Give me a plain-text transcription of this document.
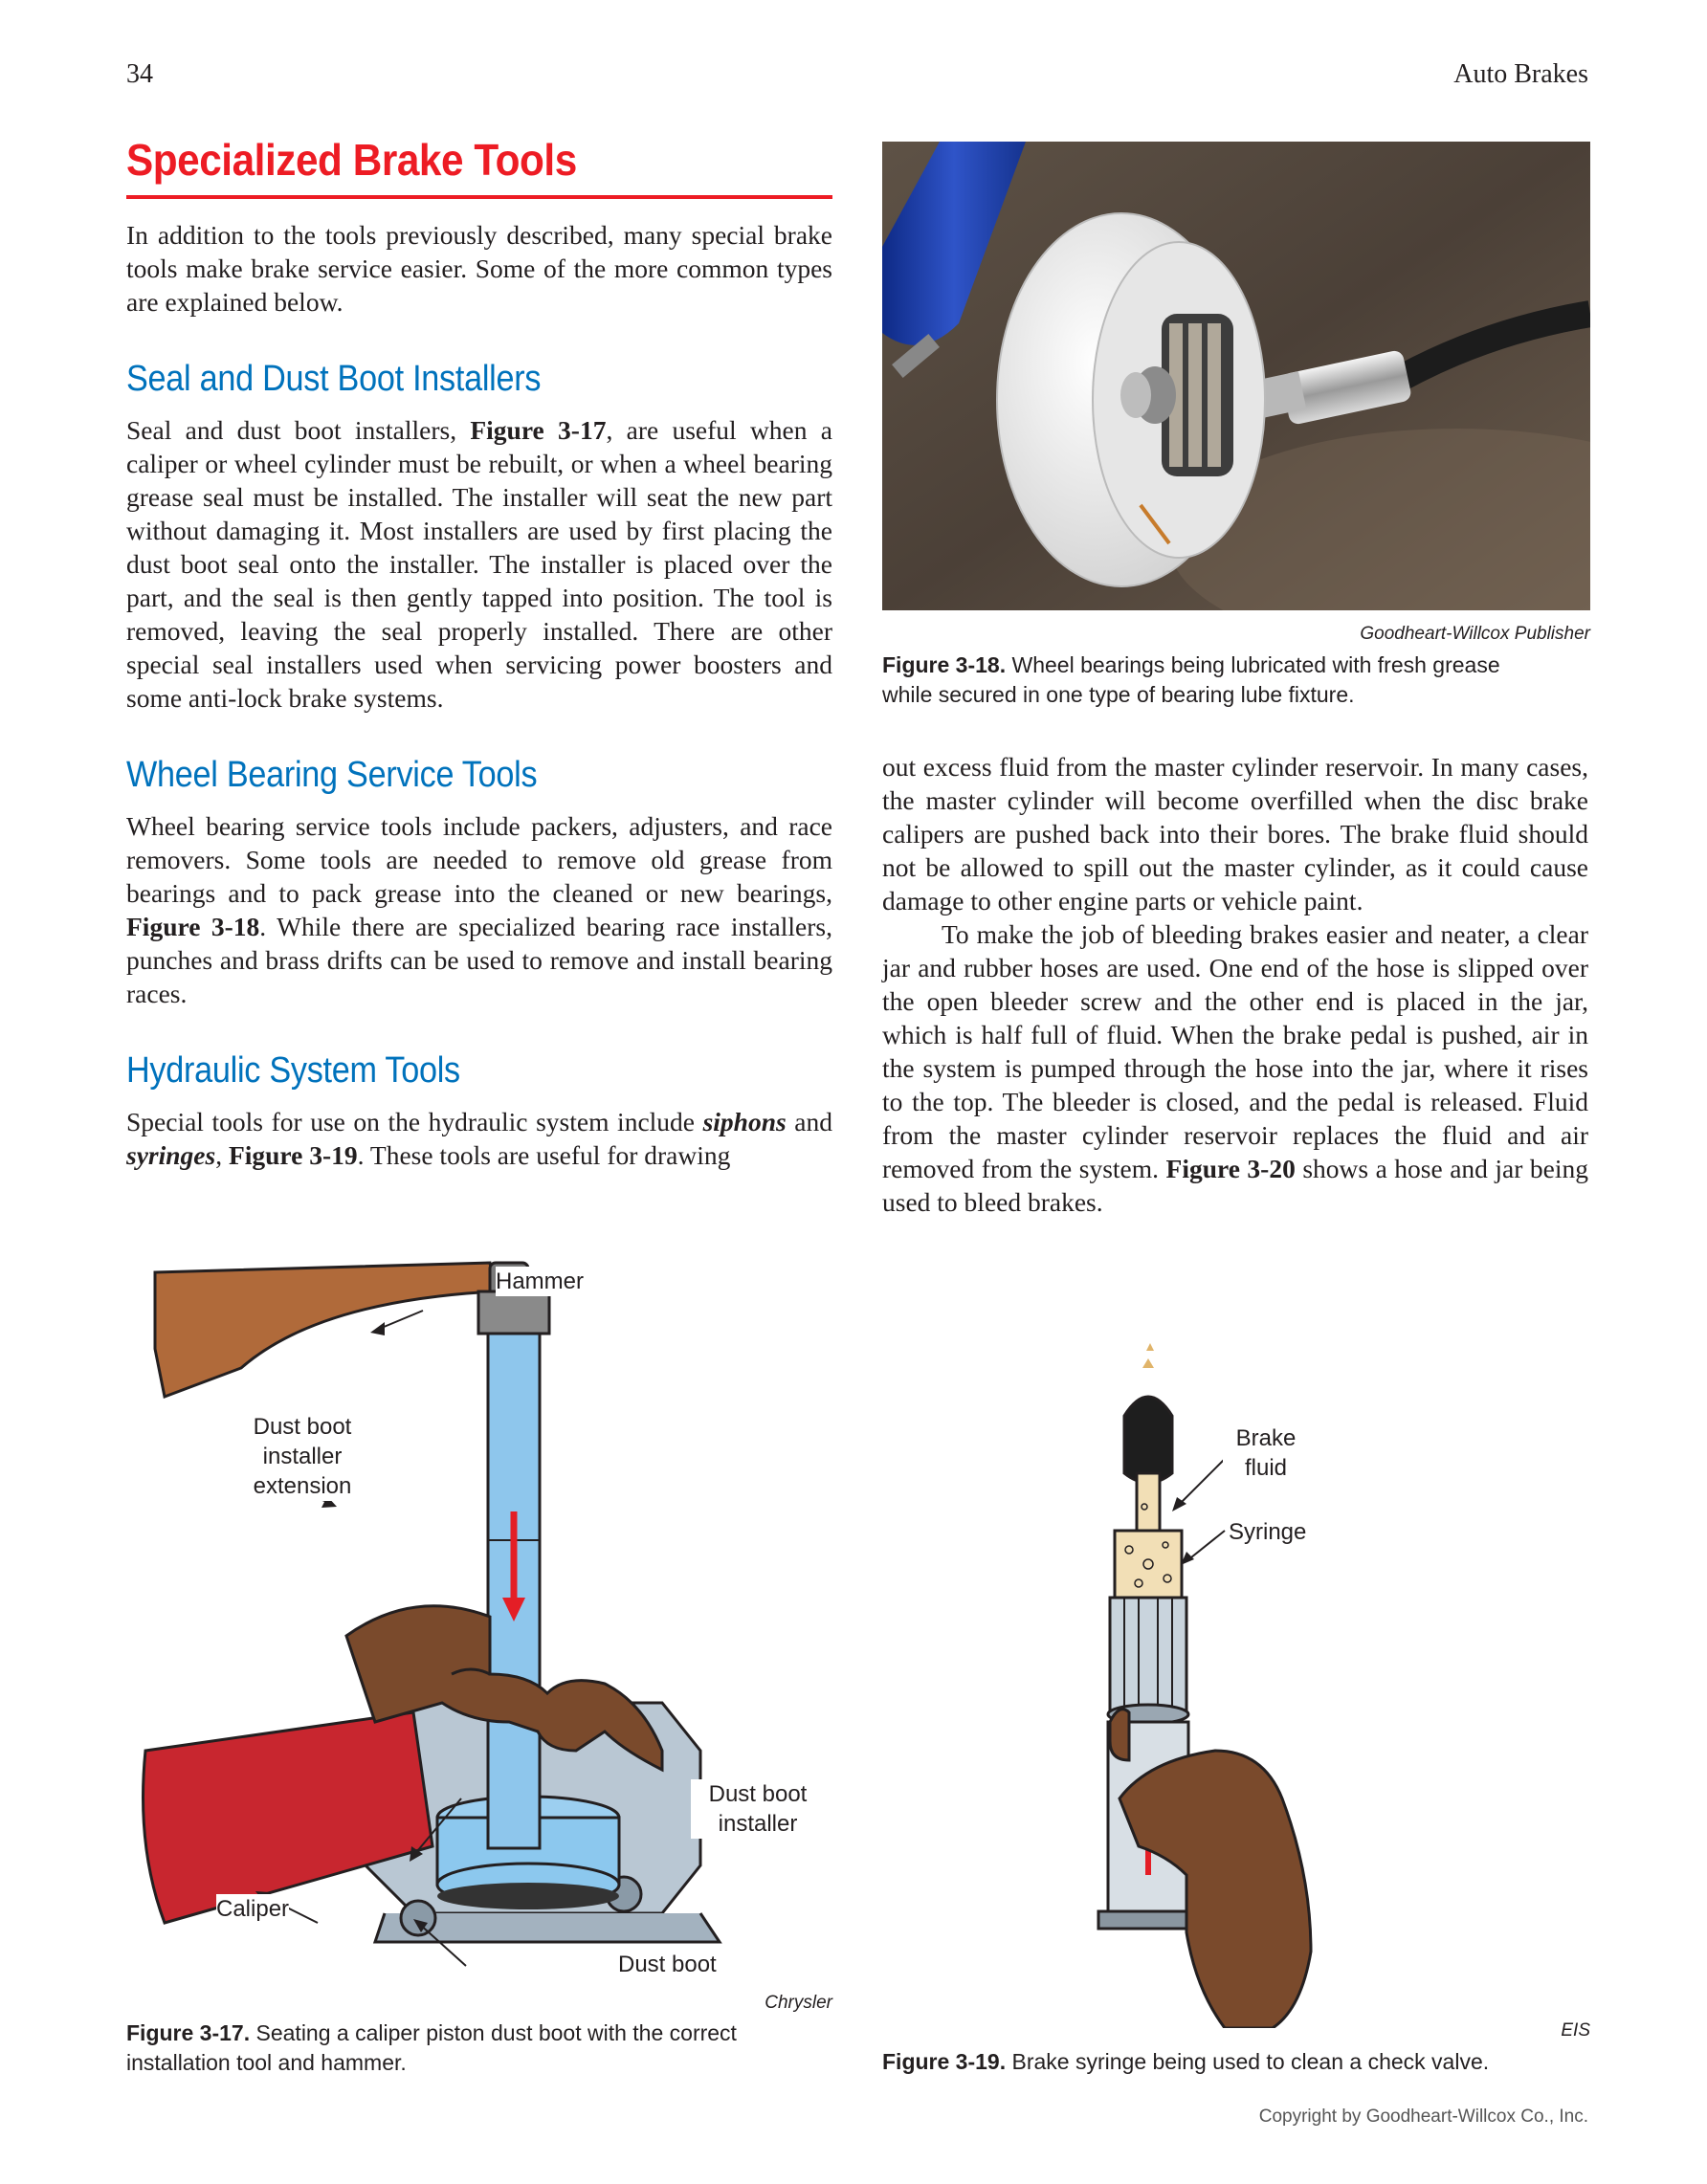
34	Auto Brakes
Specialized Brake Tools

In addition to the tools previously described, many special brake tools make brake service easier. Some of the more common types are explained below.

Seal and Dust Boot Installers

Seal and dust boot installers, Figure 3-17, are useful when a caliper or wheel cylinder must be rebuilt, or when a wheel bearing grease seal must be installed. The installer will seat the new part without damaging it. Most installers are used by first placing the dust boot seal onto the installer. The installer is placed over the part, and the seal is then gently tapped into position. The tool is removed, leaving the seal properly installed. There are other special seal installers used when servicing power boosters and some anti-lock brake systems.

Wheel Bearing Service Tools

Wheel bearing service tools include packers, adjusters, and race removers. Some tools are needed to remove old grease from bearings and to pack grease into the cleaned or new bearings, Figure 3-18. While there are specialized bearing race installers, punches and brass drifts can be used to remove and install bearing races.

Hydraulic System Tools

Special tools for use on the hydraulic system include siphons and syringes, Figure 3-19. These tools are useful for drawing

Goodheart-Willcox Publisher
Figure 3-18. Wheel bearings being lubricated with fresh grease while secured in one type of bearing lube fixture.

out excess fluid from the master cylinder reservoir. In many cases, the master cylinder will become overfilled when the disc brake calipers are pushed back into their bores. The brake fluid should not be allowed to spill out the master cylinder, as it could cause damage to other engine parts or vehicle paint.

To make the job of bleeding brakes easier and neater, a clear jar and rubber hoses are used. One end of the hose is slipped over the open bleeder screw and the other end is placed in the jar, which is half full of fluid. When the brake pedal is pushed, air in the system is pumped through the hose into the jar, where it rises to the top. The bleeder is closed, and the pedal is released. Fluid from the master cylinder reservoir replaces the fluid and air removed from the system. Figure 3-20 shows a hose and jar being used to bleed brakes.

Hammer
Dust boot installer extension
Dust boot installer
Caliper
Dust boot
Chrysler
Figure 3-17. Seating a caliper piston dust boot with the correct installation tool and hammer.
Brake fluid
Syringe
EIS
Figure 3-19. Brake syringe being used to clean a check valve.
Copyright by Goodheart-Willcox Co., Inc.
